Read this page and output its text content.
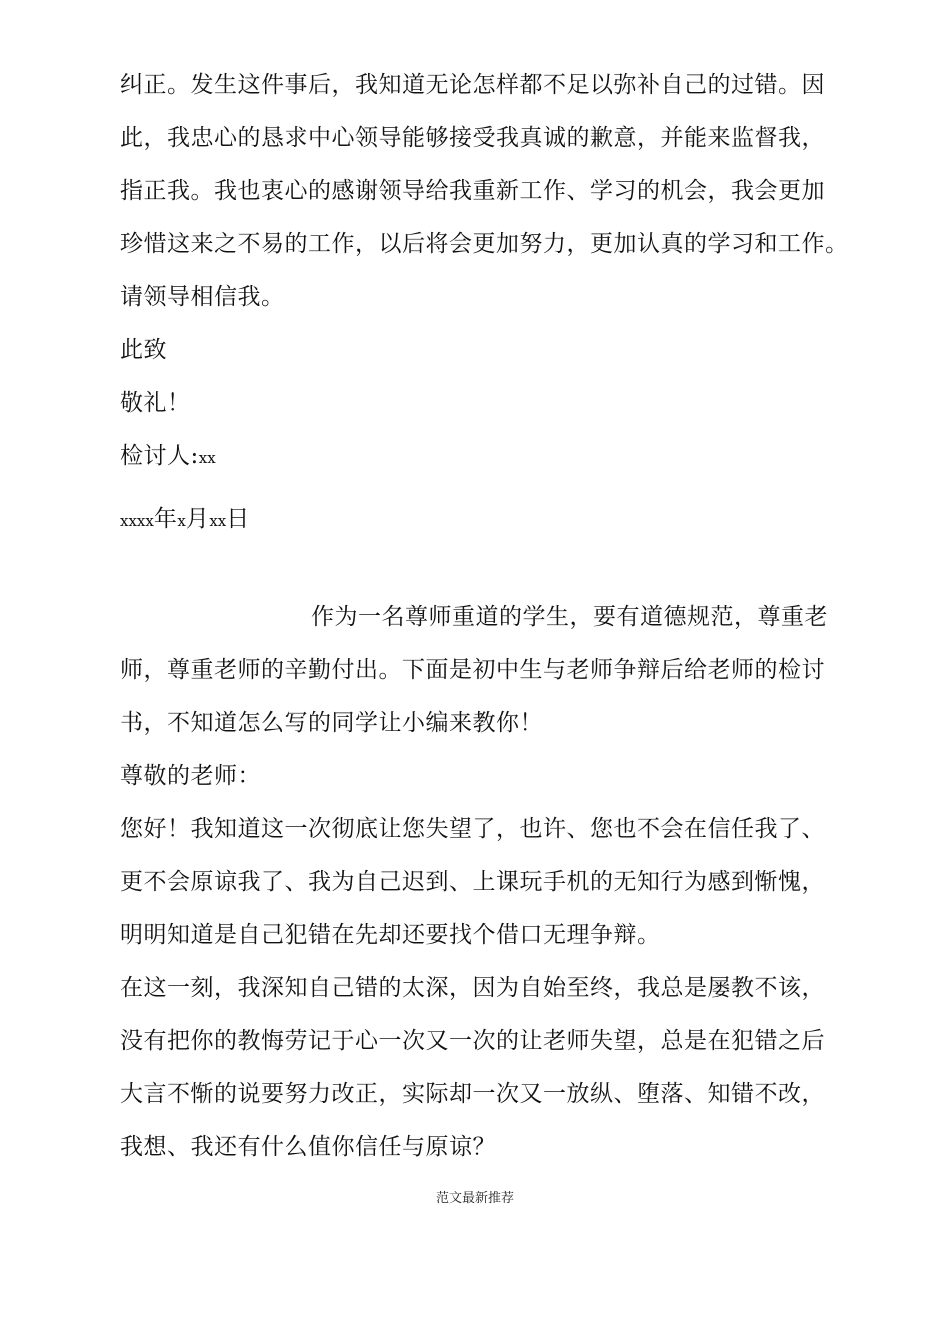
纠正。发生这件事后，我知道无论怎样都不足以弥补自己的过错。因
此，我忠心的恳求中心领导能够接受我真诚的歉意，并能来监督我，
指正我。我也衷心的感谢领导给我重新工作、学习的机会，我会更加
珍惜这来之不易的工作，以后将会更加努力，更加认真的学习和工作。
请领导相信我。
此致
敬礼！
检讨人:xx
xxxx年x月xx日
作为一名尊师重道的学生，要有道德规范，尊重老
师，尊重老师的辛勤付出。下面是初中生与老师争辩后给老师的检讨
书，不知道怎么写的同学让小编来教你！
尊敬的老师：
您好！我知道这一次彻底让您失望了，也许、您也不会在信任我了、
更不会原谅我了、我为自己迟到、上课玩手机的无知行为感到惭愧，
明明知道是自己犯错在先却还要找个借口无理争辩。
在这一刻，我深知自己错的太深，因为自始至终，我总是屡教不该，
没有把你的教悔劳记于心一次又一次的让老师失望，总是在犯错之后
大言不惭的说要努力改正，实际却一次又一放纵、堕落、知错不改，
我想、我还有什么值你信任与原谅？
范文最新推荐
